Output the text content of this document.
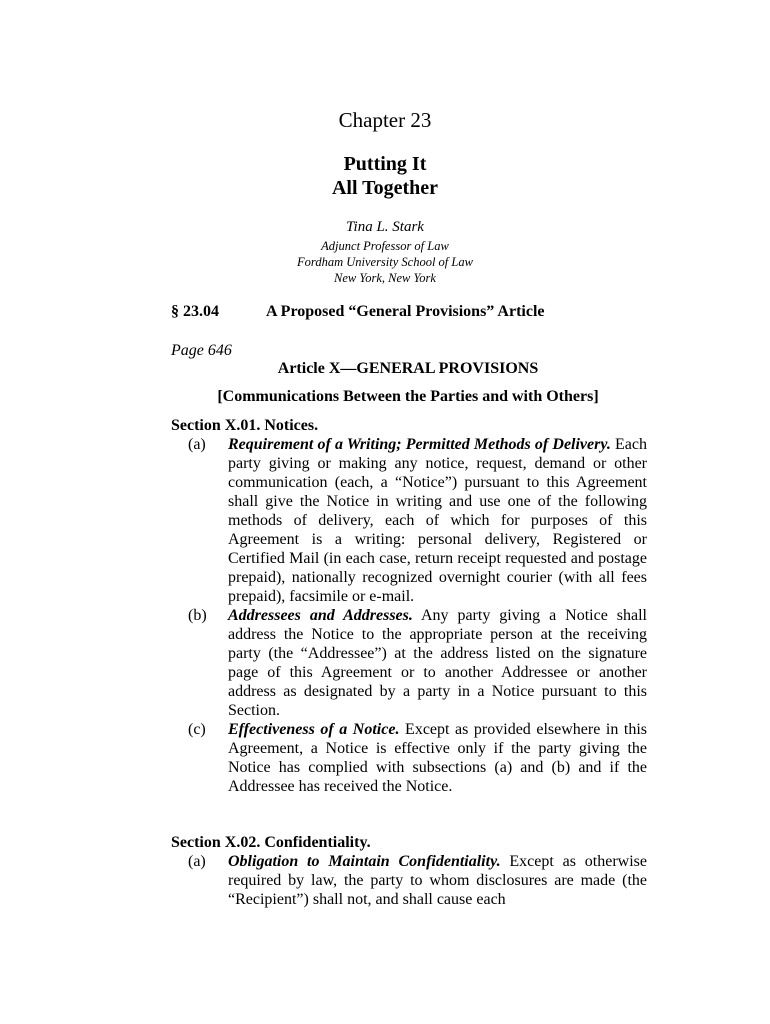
Chapter 23
Putting It
All Together
Tina L. Stark
Adjunct Professor of Law
Fordham University School of Law
New York, New York
§ 23.04	A Proposed “General Provisions” Article
Page 646
Article X—GENERAL PROVISIONS
[Communications Between the Parties and with Others]
Section X.01. Notices.
(a)	Requirement of a Writing; Permitted Methods of Delivery. Each party giving or making any notice, request, demand or other communication (each, a “Notice”) pursuant to this Agreement shall give the Notice in writing and use one of the following methods of delivery, each of which for purposes of this Agreement is a writing: personal delivery, Registered or Certified Mail (in each case, return receipt requested and postage prepaid), nationally recognized overnight courier (with all fees prepaid), facsimile or e-mail.
(b)	Addressees and Addresses. Any party giving a Notice shall address the Notice to the appropriate person at the receiving party (the “Addressee”) at the address listed on the signature page of this Agreement or to another Addressee or another address as designated by a party in a Notice pursuant to this Section.
(c)	Effectiveness of a Notice. Except as provided elsewhere in this Agreement, a Notice is effective only if the party giving the Notice has complied with subsections (a) and (b) and if the Addressee has received the Notice.
Section X.02. Confidentiality.
(a)	Obligation to Maintain Confidentiality. Except as otherwise required by law, the party to whom disclosures are made (the “Recipient”) shall not, and shall cause each
